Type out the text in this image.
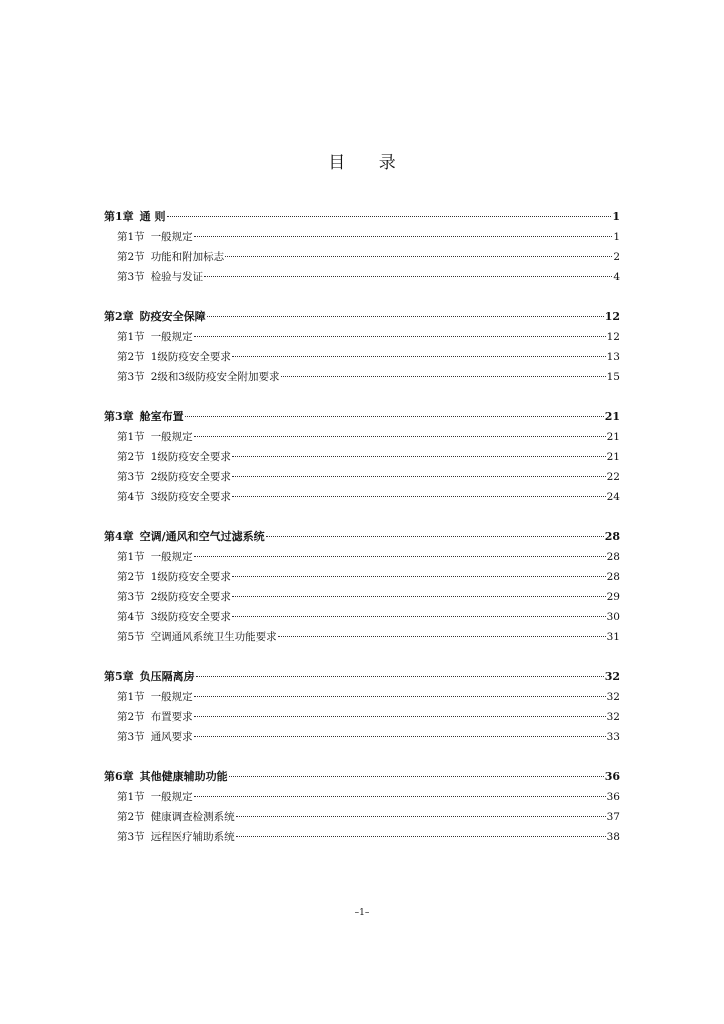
目 录
第1章 通 则	1
第1节 一般规定	1
第2节 功能和附加标志	2
第3节 检验与发证	4
第2章 防疫安全保障	12
第1节 一般规定	12
第2节 1级防疫安全要求	13
第3节 2级和3级防疫安全附加要求	15
第3章 舱室布置	21
第1节 一般规定	21
第2节 1级防疫安全要求	21
第3节 2级防疫安全要求	22
第4节 3级防疫安全要求	24
第4章 空调/通风和空气过滤系统	28
第1节 一般规定	28
第2节 1级防疫安全要求	28
第3节 2级防疫安全要求	29
第4节 3级防疫安全要求	30
第5节 空调通风系统卫生功能要求	31
第5章 负压隔离房	32
第1节 一般规定	32
第2节 布置要求	32
第3节 通风要求	33
第6章 其他健康辅助功能	36
第1节 一般规定	36
第2节 健康调查检测系统	37
第3节 远程医疗辅助系统	38
–1–
